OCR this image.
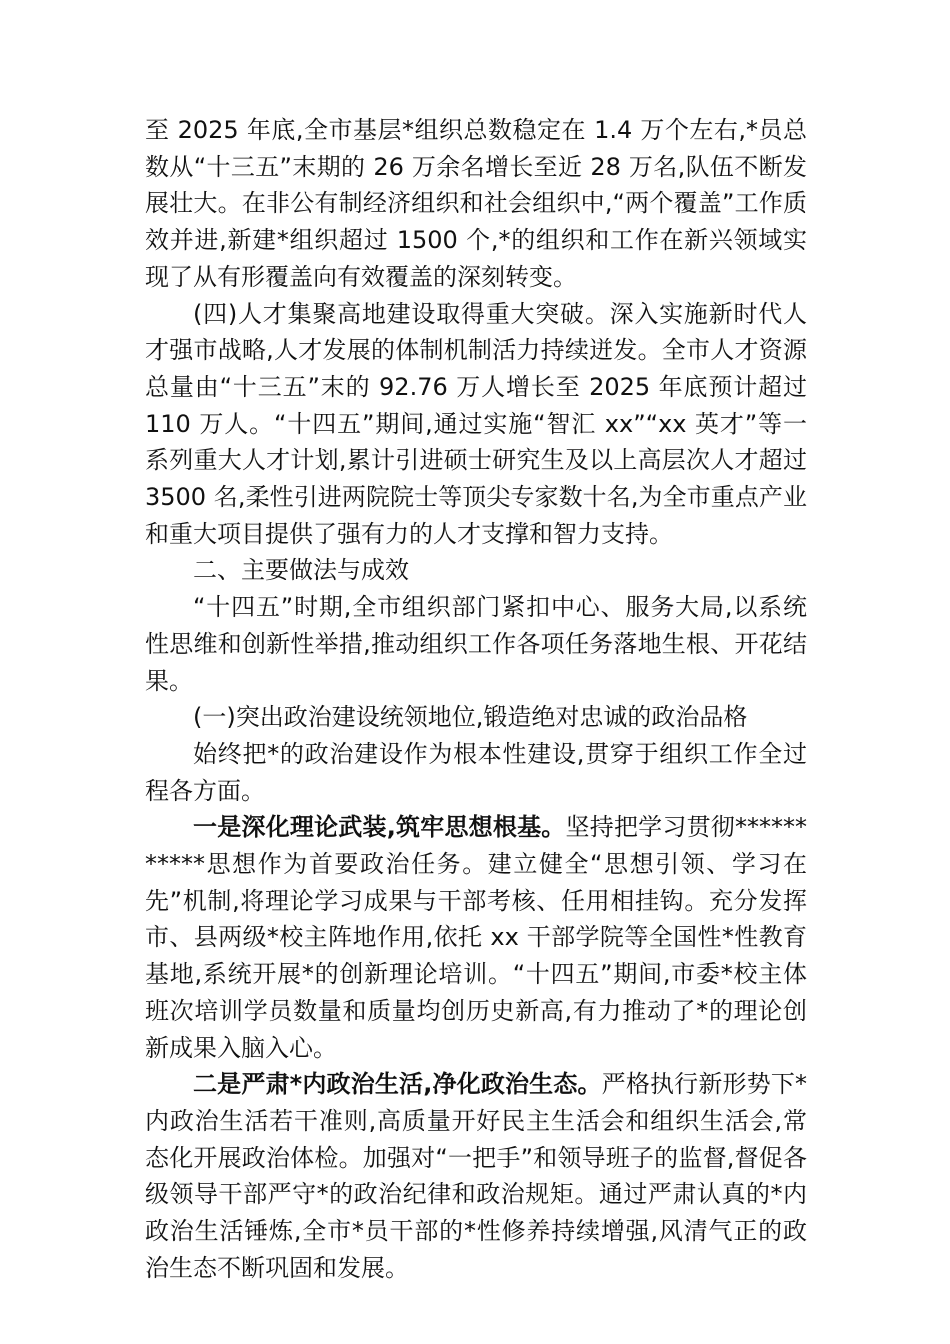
至 2025 年底,全市基层*组织总数稳定在 1.4 万个左右,*员总数从“十三五”末期的 26 万余名增长至近 28 万名,队伍不断发展壮大。在非公有制经济组织和社会组织中,“两个覆盖”工作质效并进,新建*组织超过 1500 个,*的组织和工作在新兴领域实现了从有形覆盖向有效覆盖的深刻转变。

(四)人才集聚高地建设取得重大突破。深入实施新时代人才强市战略,人才发展的体制机制活力持续迸发。全市人才资源总量由“十三五”末的 92.76 万人增长至 2025 年底预计超过 110 万人。“十四五”期间,通过实施“智汇 xx”“xx 英才”等一系列重大人才计划,累计引进硕士研究生及以上高层次人才超过 3500 名,柔性引进两院院士等顶尖专家数十名,为全市重点产业和重大项目提供了强有力的人才支撑和智力支持。

二、主要做法与成效

“十四五”时期,全市组织部门紧扣中心、服务大局,以系统性思维和创新性举措,推动组织工作各项任务落地生根、开花结果。

(一)突出政治建设统领地位,锻造绝对忠诚的政治品格

始终把*的政治建设作为根本性建设,贯穿于组织工作全过程各方面。

一是深化理论武装,筑牢思想根基。坚持把学习贯彻***********思想作为首要政治任务。建立健全“思想引领、学习在先”机制,将理论学习成果与干部考核、任用相挂钩。充分发挥市、县两级*校主阵地作用,依托 xx 干部学院等全国性*性教育基地,系统开展*的创新理论培训。“十四五”期间,市委*校主体班次培训学员数量和质量均创历史新高,有力推动了*的理论创新成果入脑入心。

二是严肃*内政治生活,净化政治生态。严格执行新形势下*内政治生活若干准则,高质量开好民主生活会和组织生活会,常态化开展政治体检。加强对“一把手”和领导班子的监督,督促各级领导干部严守*的政治纪律和政治规矩。通过严肃认真的*内政治生活锤炼,全市*员干部的*性修养持续增强,风清气正的政治生态不断巩固和发展。
